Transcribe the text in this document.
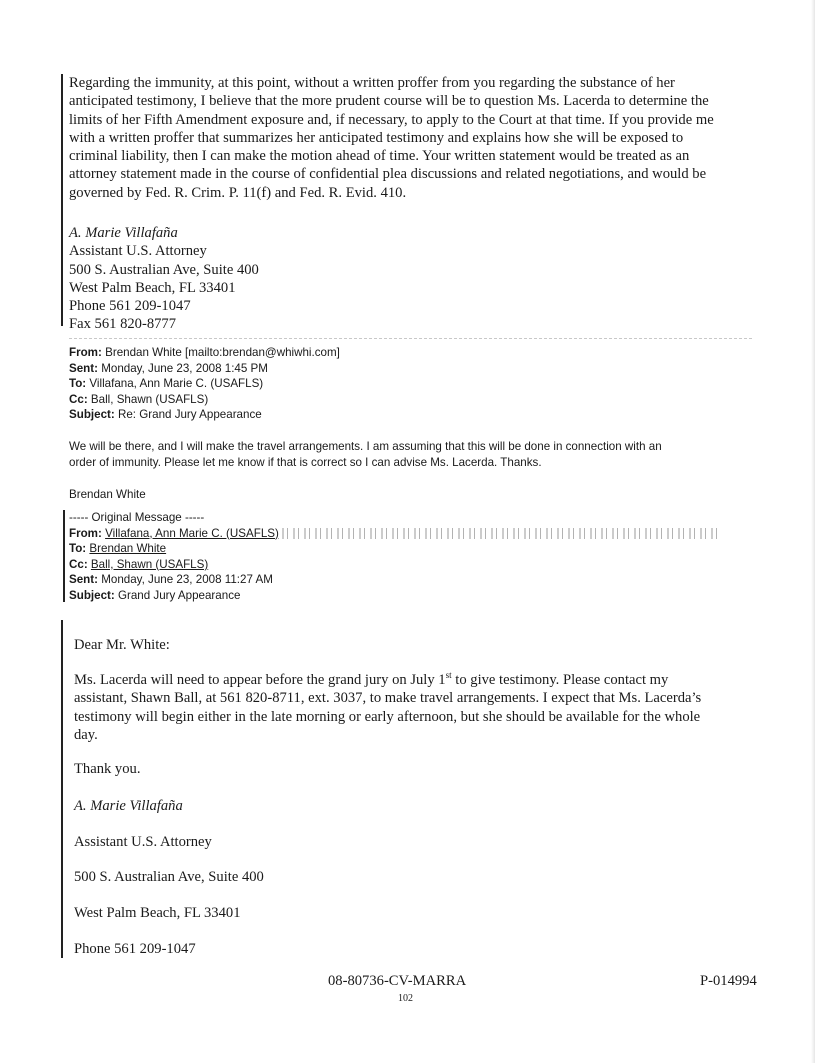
Regarding the immunity, at this point, without a written proffer from you regarding the substance of her
anticipated testimony, I believe that the more prudent course will be to question Ms. Lacerda to determine the
limits of her Fifth Amendment exposure and, if necessary, to apply to the Court at that time. If you provide me
with a written proffer that summarizes her anticipated testimony and explains how she will be exposed to
criminal liability, then I can make the motion ahead of time. Your written statement would be treated as an
attorney statement made in the course of confidential plea discussions and related negotiations, and would be
governed by Fed. R. Crim. P. 11(f) and Fed. R. Evid. 410.
A. Marie Villafaña
Assistant U.S. Attorney
500 S. Australian Ave, Suite 400
West Palm Beach, FL 33401
Phone 561 209-1047
Fax 561 820-8777
From: Brendan White [mailto:brendan@whiwhi.com]
Sent: Monday, June 23, 2008 1:45 PM
To: Villafana, Ann Marie C. (USAFLS)
Cc: Ball, Shawn (USAFLS)
Subject: Re: Grand Jury Appearance
We will be there, and I will make the travel arrangements. I am assuming that this will be done in connection with an
order of immunity. Please let me know if that is correct so I can advise Ms. Lacerda. Thanks.
Brendan White
----- Original Message -----
From: Villafana, Ann Marie C. (USAFLS)
To: Brendan White
Cc: Ball, Shawn (USAFLS)
Sent: Monday, June 23, 2008 11:27 AM
Subject: Grand Jury Appearance
Dear Mr. White:
Ms. Lacerda will need to appear before the grand jury on July 1st to give testimony. Please contact my
assistant, Shawn Ball, at 561 820-8711, ext. 3037, to make travel arrangements. I expect that Ms. Lacerda’s
testimony will begin either in the late morning or early afternoon, but she should be available for the whole
day.
Thank you.
A. Marie Villafaña
Assistant U.S. Attorney
500 S. Australian Ave, Suite 400
West Palm Beach, FL 33401
Phone 561 209-1047
08-80736-CV-MARRA
102
P-014994
